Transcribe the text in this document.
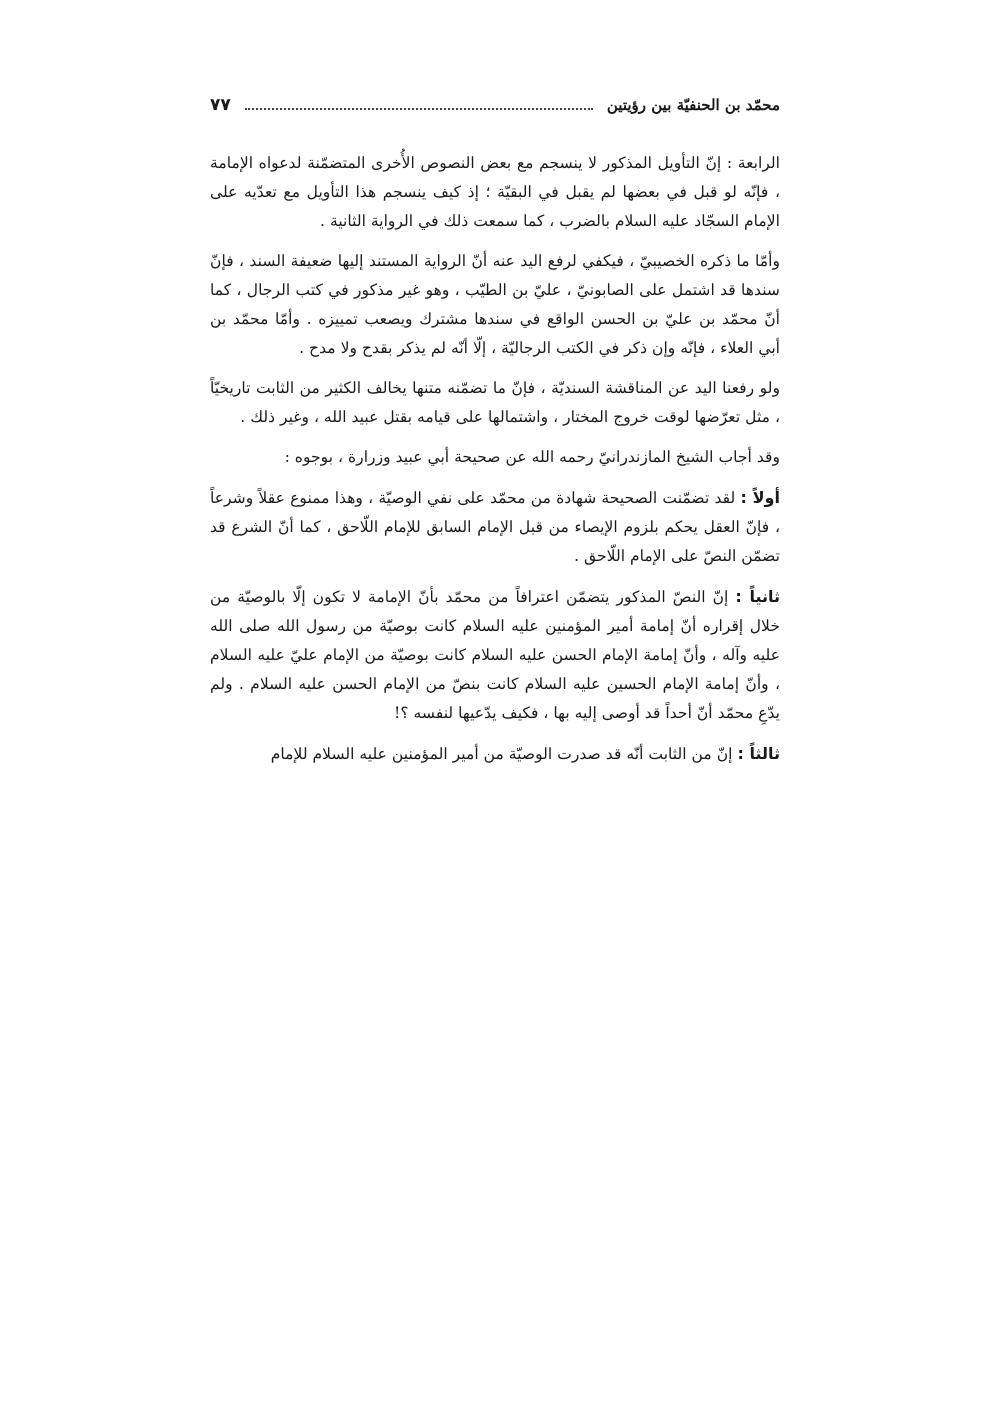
محمّد بن الحنفيّة بين رؤيتين
٧٧

الرابعة : إنّ التأويل المذكور لا ينسجم مع بعض النصوص الأُخرى المتضمّنة لدعواه الإمامة ، فإنّه لو قبل في بعضها لم يقبل في البقيّة ؛ إذ كيف ينسجم هذا التأويل مع تعدّيه على الإمام السجّاد عليه السلام بالضرب ، كما سمعت ذلك في الرواية الثانية .

وأمّا ما ذكره الخصيبيّ ، فيكفي لرفع اليد عنه أنّ الرواية المستند إليها ضعيفة السند ، فإنّ سندها قد اشتمل على الصابونيّ ، عليّ بن الطيّب ، وهو غير مذكور في كتب الرجال ، كما أنّ محمّد بن عليّ بن الحسن الواقع في سندها مشترك ويصعب تمييزه . وأمّا محمّد بن أبي العلاء ، فإنّه وإن ذكر في الكتب الرجاليّة ، إلّا أنّه لم يذكر بقدح ولا مدح .

ولو رفعنا اليد عن المناقشة السنديّة ، فإنّ ما تضمّنه متنها يخالف الكثير من الثابت تاريخيّاً ، مثل تعرّضها لوقت خروج المختار ، واشتمالها على قيامه بقتل عبيد الله ، وغير ذلك .

وقد أجاب الشيخ المازندرانيّ رحمه الله عن صحيحة أبي عبيد وزرارة ، بوجوه :

أولاً : لقد تضمّنت الصحيحة شهادة من محمّد على نفي الوصيّة ، وهذا ممنوع عقلاً وشرعاً ، فإنّ العقل يحكم بلزوم الإيصاء من قبل الإمام السابق للإمام اللّاحق ، كما أنّ الشرع قد تضمّن النصّ على الإمام اللّاحق .

ثانياً : إنّ النصّ المذكور يتضمّن اعترافاً من محمّد بأنّ الإمامة لا تكون إلّا بالوصيّة من خلال إقراره أنّ إمامة أمير المؤمنين عليه السلام كانت بوصيّة من رسول الله صلى الله عليه وآله ، وأنّ إمامة الإمام الحسن عليه السلام كانت بوصيّة من الإمام عليّ عليه السلام ، وأنّ إمامة الإمام الحسين عليه السلام كانت بنصّ من الإمام الحسن عليه السلام . ولم يدّعِ محمّد أنّ أحداً قد أوصى إليه بها ، فكيف يدّعيها لنفسه ؟!

ثالثاً : إنّ من الثابت أنّه قد صدرت الوصيّة من أمير المؤمنين عليه السلام للإمام
